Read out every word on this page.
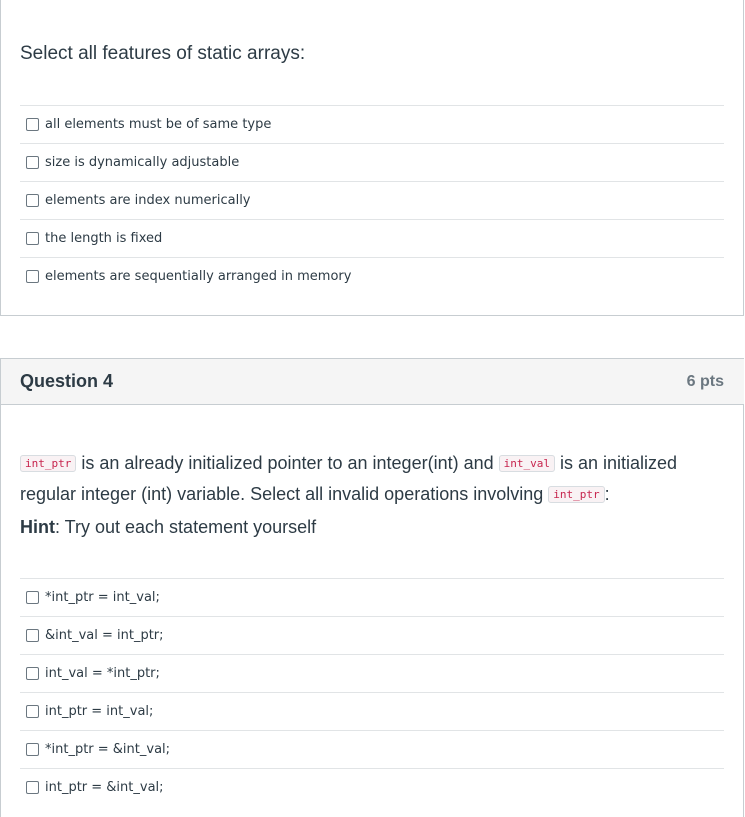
Select all features of static arrays:
all elements must be of same type
size is dynamically adjustable
elements are index numerically
the length is fixed
elements are sequentially arranged in memory
Question 4	6 pts
int_ptr is an already initialized pointer to an integer(int) and int_val is an initialized regular integer (int) variable. Select all invalid operations involving int_ptr :
Hint: Try out each statement yourself
*int_ptr = int_val;
&int_val = int_ptr;
int_val = *int_ptr;
int_ptr = int_val;
*int_ptr = &int_val;
int_ptr = &int_val;
